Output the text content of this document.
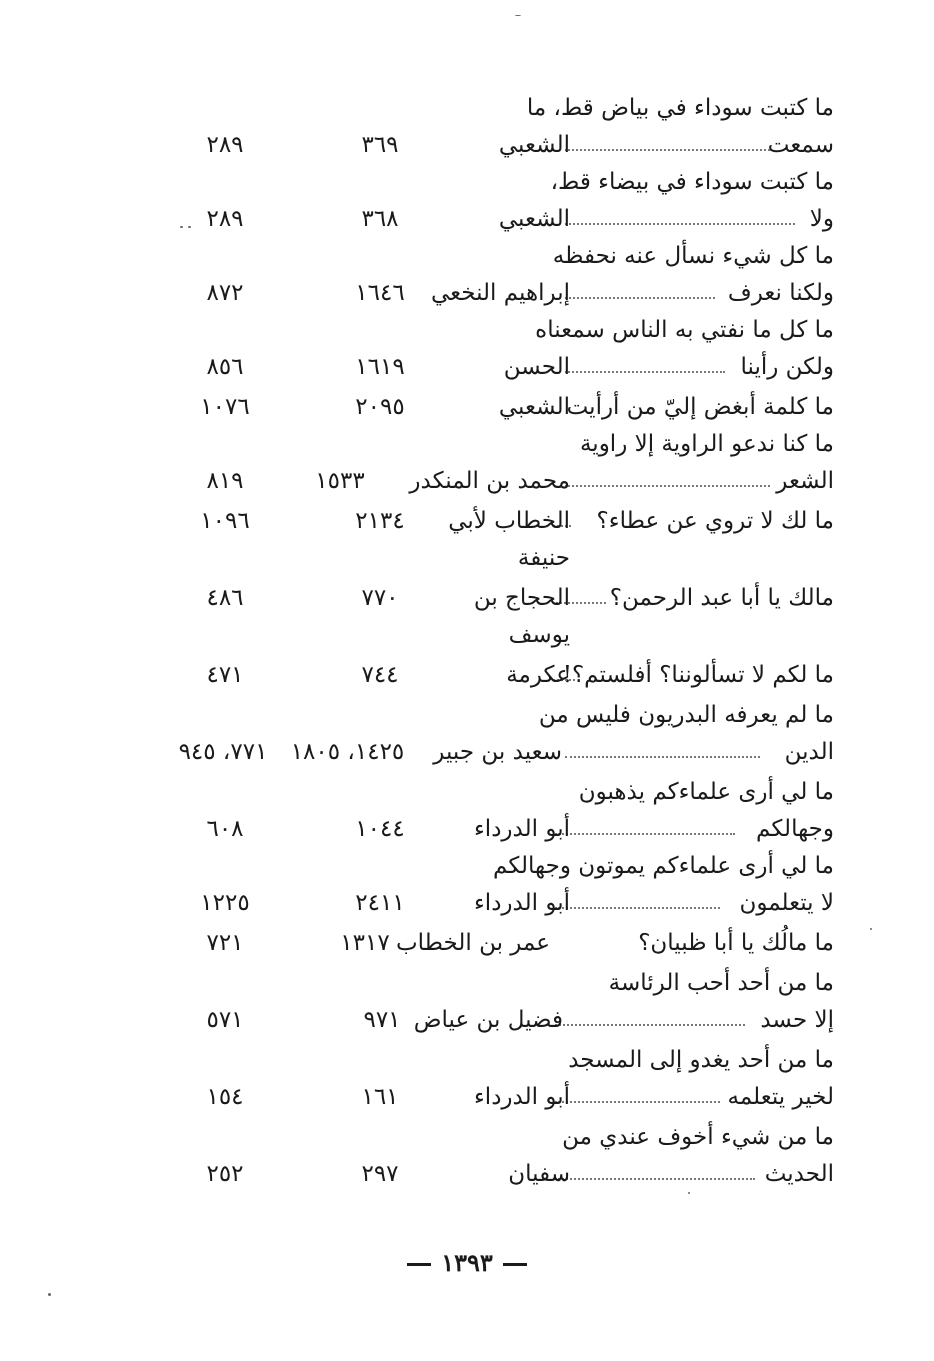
ما كتبت سوداء في بياض قط، ما
سمعت
الشعبي
٣٦٩
٢٨٩
ما كتبت سوداء في بيضاء قط،
ولا
الشعبي
٣٦٨
٢٨٩
ما كل شيء نسأل عنه نحفظه
ولكنا نعرف
إبراهيم النخعي
١٦٤٦
٨٧٢
ما كل ما نفتي به الناس سمعناه
ولكن رأينا
الحسن
١٦١٩
٨٥٦
ما كلمة أبغض إليّ من أرأيت
الشعبي
٢٠٩٥
١٠٧٦
ما كنا ندعو الراوية إلا راوية
الشعر
محمد بن المنكدر
١٥٣٣
٨١٩
ما لك لا تروي عن عطاء؟
الخطاب لأبي
٢١٣٤
١٠٩٦
حنيفة
مالك يا أبا عبد الرحمن؟
الحجاج بن
٧٧٠
٤٨٦
يوسف
ما لكم لا تسألوننا؟ أفلستم؟!
عكرمة
٧٤٤
٤٧١
ما لم يعرفه البدريون فليس من
الدين
سعيد بن جبير
١٤٢٥، ١٨٠٥
٧٧١، ٩٤٥
ما لي أرى علماءكم يذهبون
وجهالكم
أبو الدرداء
١٠٤٤
٦٠٨
ما لي أرى علماءكم يموتون وجهالكم
لا يتعلمون
أبو الدرداء
٢٤١١
١٢٢٥
ما مالُك يا أبا ظبيان؟
عمر بن الخطاب
١٣١٧
٧٢١
ما من أحد أحب الرئاسة
إلا حسد
فضيل بن عياض
٩٧١
٥٧١
ما من أحد يغدو إلى المسجد
لخير يتعلمه
أبو الدرداء
١٦١
١٥٤
ما من شيء أخوف عندي من
الحديث
سفيان
٢٩٧
٢٥٢
١٣٩٣
